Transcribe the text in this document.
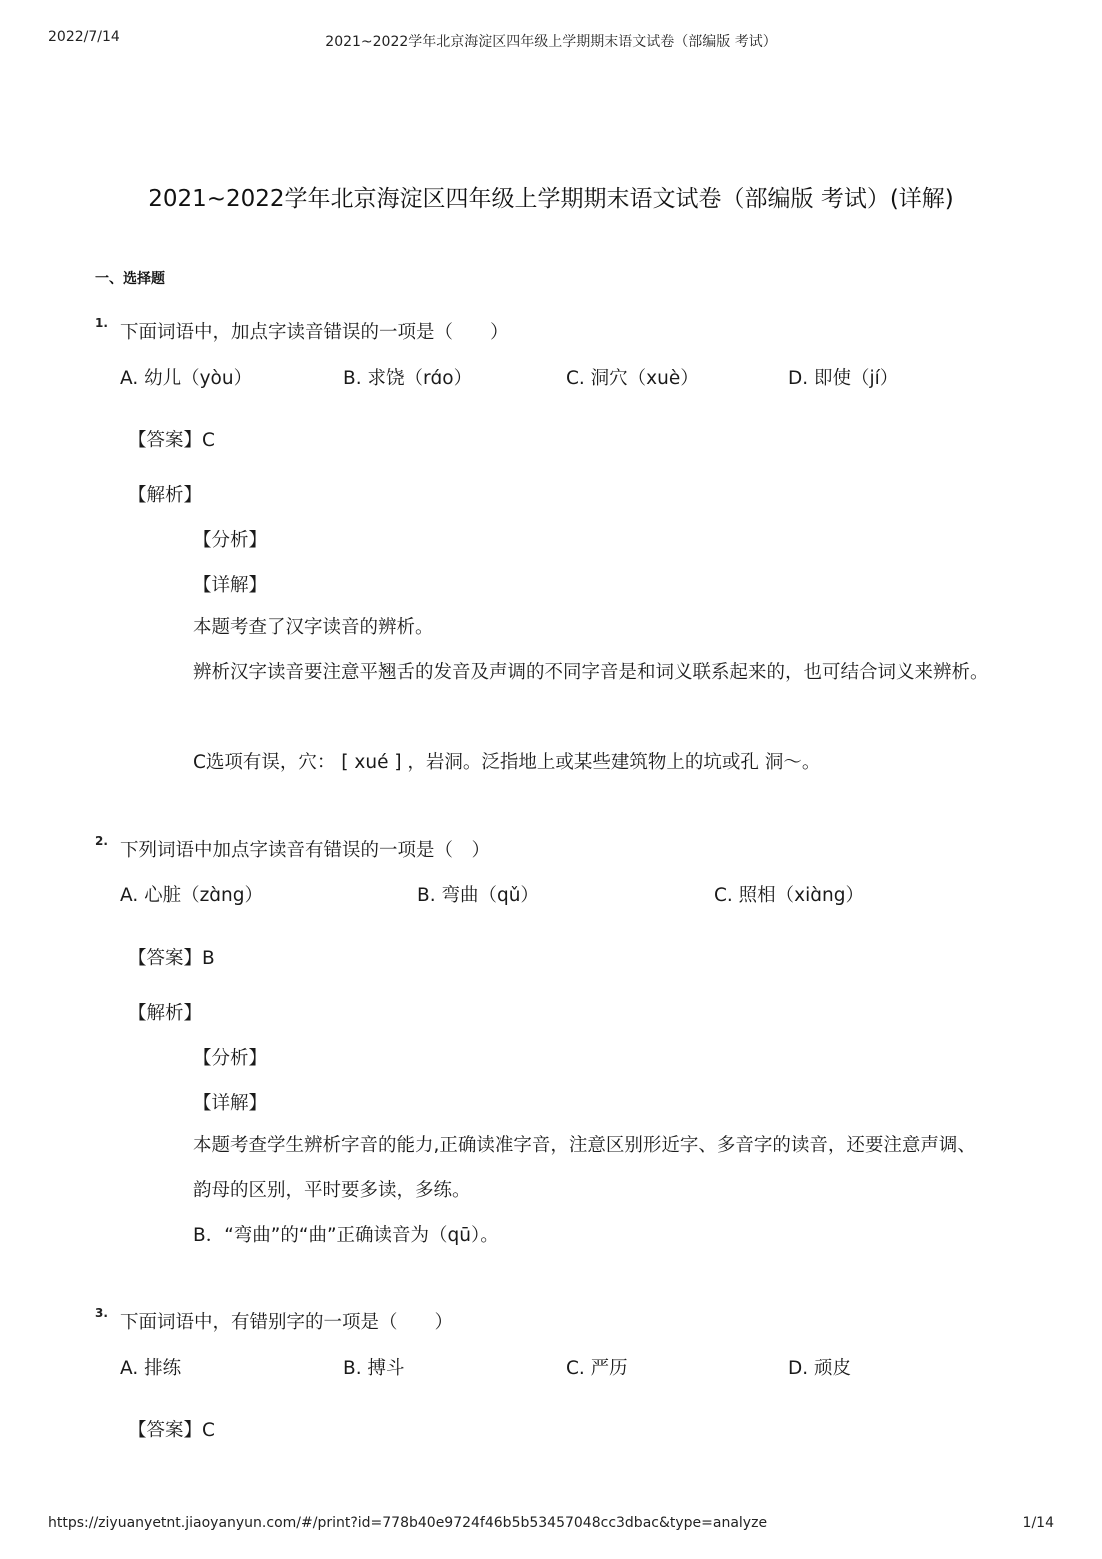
2022/7/14	2021~2022学年北京海淀区四年级上学期期末语文试卷（部编版 考试）
2021~2022学年北京海淀区四年级上学期期末语文试卷（部编版 考试）(详解)
一、选择题
1. 下面词语中，加点字读音错误的一项是（　　）
A. 幼儿（yòu）	B. 求饶（rɑ́o）	C. 洞穴（xuè）	D. 即使（jí）
【答案】C
【解析】
【分析】
【详解】
本题考查了汉字读音的辨析。
辨析汉字读音要注意平翘舌的发音及声调的不同字音是和词义联系起来的，也可结合词义来辨析。
C选项有误，穴： [ xué ] ，岩洞。泛指地上或某些建筑物上的坑或孔 洞～。
2. 下列词语中加点字读音有错误的一项是（　）
A. 心脏（zɑ̀ng）	B. 弯曲（qǔ）	C. 照相（xiɑ̀ng）
【答案】B
【解析】
【分析】
【详解】
本题考查学生辨析字音的能力,正确读准字音，注意区别形近字、多音字的读音，还要注意声调、韵母的区别，平时要多读，多练。
B．“弯曲”的“曲”正确读音为（qū）。
3. 下面词语中，有错别字的一项是（　　）
A. 排练	B. 搏斗	C. 严历	D. 顽皮
【答案】C
https://ziyuanyetnt.jiaoyanyun.com/#/print?id=778b40e9724f46b5b53457048cc3dbac&type=analyze	1/14
